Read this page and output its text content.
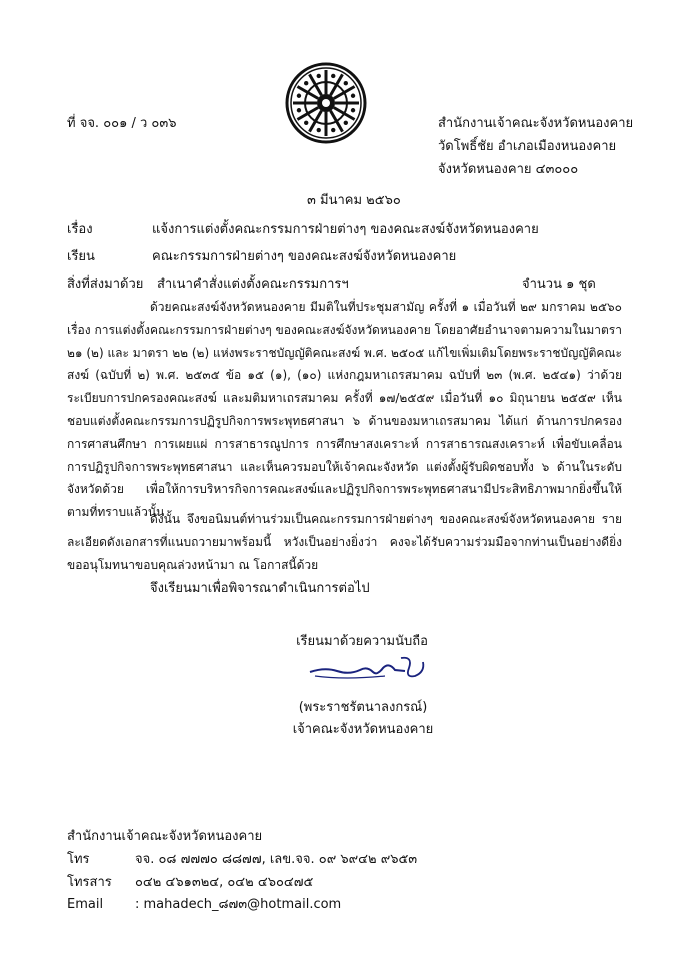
ที่ จจ. ๐๐๑ / ว ๐๓๖	สำนักงานเจ้าคณะจังหวัดหนองคาย
วัดโพธิ์ชัย อำเภอเมืองหนองคาย
จังหวัดหนองคาย ๔๓๐๐๐
๓ มีนาคม ๒๕๖๐
เรื่อง	แจ้งการแต่งตั้งคณะกรรมการฝ่ายต่างๆ ของคณะสงฆ์จังหวัดหนองคาย
เรียน	คณะกรรมการฝ่ายต่างๆ ของคณะสงฆ์จังหวัดหนองคาย
สิ่งที่ส่งมาด้วย สำเนาคำสั่งแต่งตั้งคณะกรรมการฯ	จำนวน ๑ ชุด
ด้วยคณะสงฆ์จังหวัดหนองคาย มีมติในที่ประชุมสามัญ ครั้งที่ ๑ เมื่อวันที่ ๒๙ มกราคม ๒๕๖๐ เรื่อง การแต่งตั้งคณะกรรมการฝ่ายต่างๆ ของคณะสงฆ์จังหวัดหนองคาย โดยอาศัยอำนาจตามความในมาตรา ๒๑ (๒) และ มาตรา ๒๒ (๒) แห่งพระราชบัญญัติคณะสงฆ์ พ.ศ. ๒๕๐๕ แก้ไขเพิ่มเติมโดยพระราชบัญญัติคณะสงฆ์ (ฉบับที่ ๒) พ.ศ. ๒๕๓๕ ข้อ ๑๕ (๑), (๑๐) แห่งกฎมหาเถรสมาคม ฉบับที่ ๒๓ (พ.ศ. ๒๕๔๑) ว่าด้วยระเบียบการปกครองคณะสงฆ์ และมติมหาเถรสมาคม ครั้งที่ ๑๗/๒๕๕๙ เมื่อวันที่ ๑๐ มิถุนายน ๒๕๕๙ เห็นชอบแต่งตั้งคณะกรรมการปฏิรูปกิจการพระพุทธศาสนา ๖ ด้านของมหาเถรสมาคม ได้แก่ ด้านการปกครอง การศาสนศึกษา การเผยแผ่ การสาธารณูปการ การศึกษาสงเคราะห์ การสาธารณสงเคราะห์ เพื่อขับเคลื่อนการปฏิรูปกิจการพระพุทธศาสนา และเห็นควรมอบให้เจ้าคณะจังหวัด แต่งตั้งผู้รับผิดชอบทั้ง ๖ ด้านในระดับจังหวัดด้วย เพื่อให้การบริหารกิจการคณะสงฆ์และปฏิรูปกิจการพระพุทธศาสนามีประสิทธิภาพมากยิ่งขึ้นให้ ตามที่ทราบแล้วนั้น
ดังนั้น จึงขอนิมนต์ท่านร่วมเป็นคณะกรรมการฝ่ายต่างๆ ของคณะสงฆ์จังหวัดหนองคาย รายละเอียดดังเอกสารที่แนบถวายมาพร้อมนี้ หวังเป็นอย่างยิ่งว่า คงจะได้รับความร่วมมือจากท่านเป็นอย่างดียิ่ง ขออนุโมทนาขอบคุณล่วงหน้ามา ณ โอกาสนี้ด้วย
จึงเรียนมาเพื่อพิจารณาดำเนินการต่อไป
เรียนมาด้วยความนับถือ
(พระราชรัตนาลงกรณ์)
เจ้าคณะจังหวัดหนองคาย
สำนักงานเจ้าคณะจังหวัดหนองคาย
โทร	จจ. ๐๘ ๗๗๗๐ ๘๘๗๗, เลข.จจ. ๐๙ ๖๙๔๒ ๙๖๕๓
โทรสาร	๐๔๒ ๔๖๑๓๒๔, ๐๔๒ ๔๖๐๔๗๕
Email	: mahadech_๘๗๓@hotmail.com
